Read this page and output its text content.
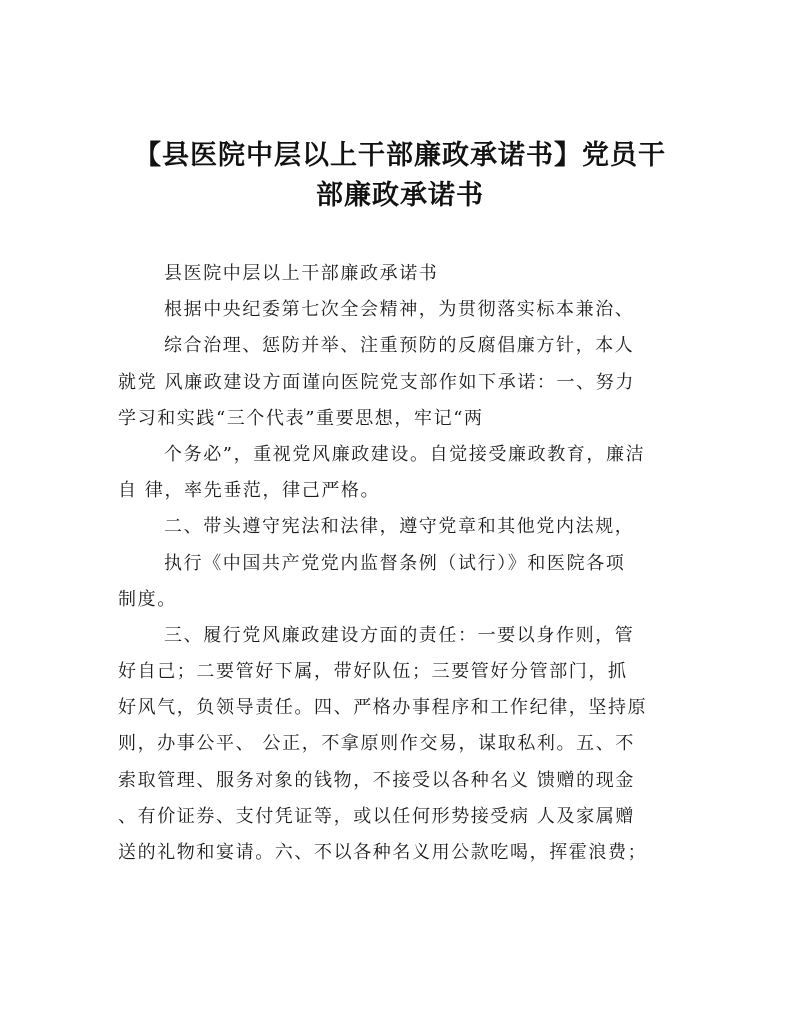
【县医院中层以上干部廉政承诺书】党员干
部廉政承诺书
县医院中层以上干部廉政承诺书
根据中央纪委第七次全会精神，为贯彻落实标本兼治、
综合治理、惩防并举、注重预防的反腐倡廉方针，本人
就党 风廉政建设方面谨向医院党支部作如下承诺：一、努力
学习和实践“三个代表”重要思想，牢记“两
个务必”，重视党风廉政建设。自觉接受廉政教育，廉洁
自 律，率先垂范，律己严格。
二、带头遵守宪法和法律，遵守党章和其他党内法规，
执行《中国共产党党内监督条例（试行）》和医院各项
制度。
三、履行党风廉政建设方面的责任：一要以身作则，管
好自己；二要管好下属，带好队伍；三要管好分管部门，抓
好风气，负领导责任。四、严格办事程序和工作纪律，坚持原
则，办事公平、 公正，不拿原则作交易，谋取私利。五、不
索取管理、服务对象的钱物，不接受以各种名义 馈赠的现金
、有价证券、支付凭证等，或以任何形势接受病 人及家属赠
送的礼物和宴请。六、不以各种名义用公款吃喝，挥霍浪费；
